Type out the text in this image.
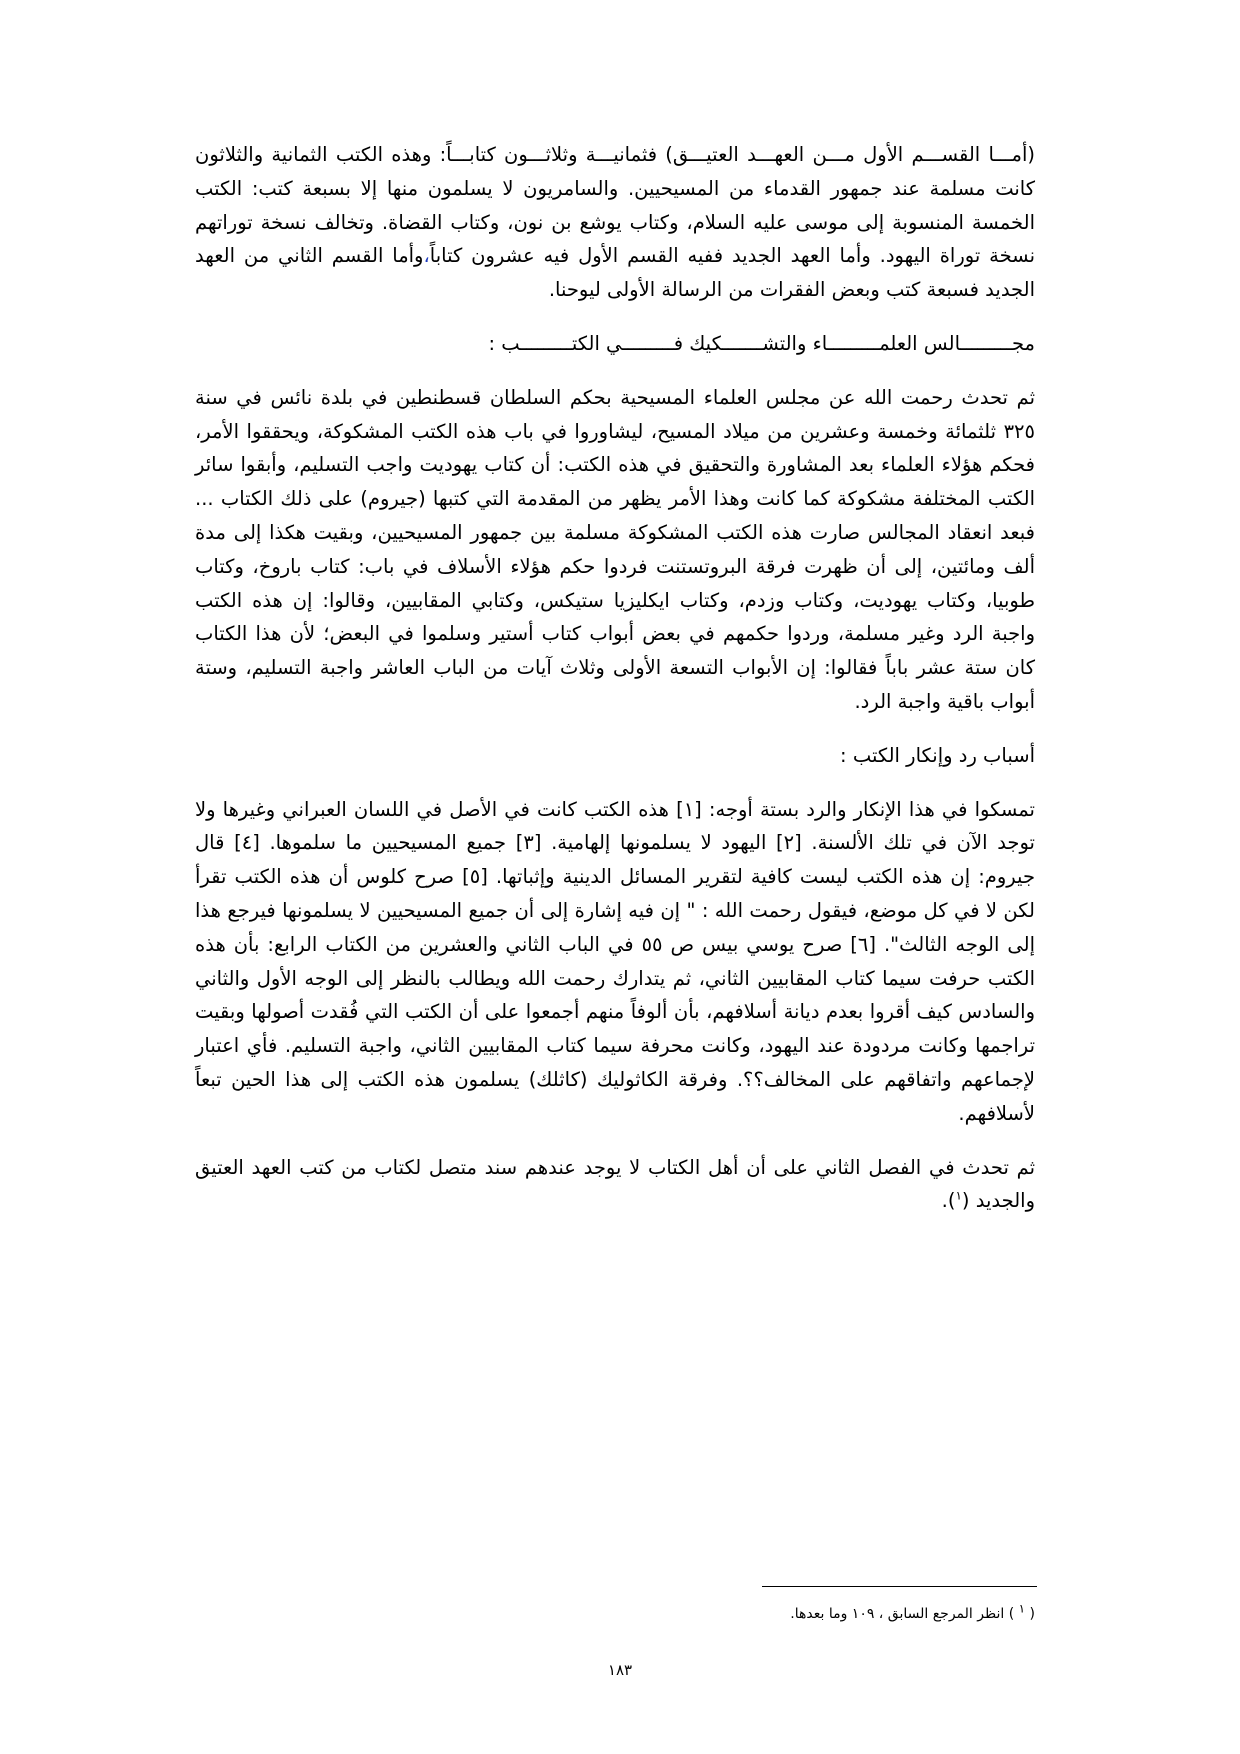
(أمـــا القســـم الأول مـــن العهـــد العتيـــق) فثمانيـــة وثلاثـــون كتابـــاً: وهذه الكتب الثمانية والثلاثون كانت مسلمة عند جمهور القدماء من المسيحيين. والسامريون لا يسلمون منها إلا بسبعة كتب: الكتب الخمسة المنسوبة إلى موسى عليه السلام، وكتاب يوشع بن نون، وكتاب القضاة. وتخالف نسخة توراتهم نسخة توراة اليهود. وأما العهد الجديد ففيه القسم الأول فيه عشرون كتاباً،وأما القسم الثاني من العهد الجديد فسبعة كتب وبعض الفقرات من الرسالة الأولى ليوحنا.

مجـــــــــالس العلمـــــــــاء والتشـــــــكيك فـــــــــي الكتـــــــــب :

ثم تحدث رحمت الله عن مجلس العلماء المسيحية بحكم السلطان قسطنطين في بلدة نائس في سنة ٣٢٥ ثلثمائة وخمسة وعشرين من ميلاد المسيح، ليشاوروا في باب هذه الكتب المشكوكة، ويحققوا الأمر، فحكم هؤلاء العلماء بعد المشاورة والتحقيق في هذه الكتب: أن كتاب يهوديت واجب التسليم، وأبقوا سائر الكتب المختلفة مشكوكة كما كانت وهذا الأمر يظهر من المقدمة التي كتبها (جيروم) على ذلك الكتاب ... فبعد انعقاد المجالس صارت هذه الكتب المشكوكة مسلمة بين جمهور المسيحيين، وبقيت هكذا إلى مدة ألف ومائتين، إلى أن ظهرت فرقة البروتستنت فردوا حكم هؤلاء الأسلاف في باب: كتاب باروخ، وكتاب طوبيا، وكتاب يهوديت، وكتاب وزدم، وكتاب ايكليزيا ستيكس، وكتابي المقابيين، وقالوا: إن هذه الكتب واجبة الرد وغير مسلمة، وردوا حكمهم في بعض أبواب كتاب أستير وسلموا في البعض؛ لأن هذا الكتاب كان ستة عشر باباً فقالوا: إن الأبواب التسعة الأولى وثلاث آيات من الباب العاشر واجبة التسليم، وستة أبواب باقية واجبة الرد.

أسباب رد وإنكار الكتب :

تمسكوا في هذا الإنكار والرد بستة أوجه: [١] هذه الكتب كانت في الأصل في اللسان العبراني وغيرها ولا توجد الآن في تلك الألسنة. [٢] اليهود لا يسلمونها إلهامية. [٣] جميع المسيحيين ما سلموها. [٤] قال جيروم: إن هذه الكتب ليست كافية لتقرير المسائل الدينية وإثباتها. [٥] صرح كلوس أن هذه الكتب تقرأ لكن لا في كل موضع، فيقول رحمت الله : " إن فيه إشارة إلى أن جميع المسيحيين لا يسلمونها فيرجع هذا إلى الوجه الثالث". [٦] صرح يوسي بيس ص ٥٥ في الباب الثاني والعشرين من الكتاب الرابع: بأن هذه الكتب حرفت سيما كتاب المقابيين الثاني، ثم يتدارك رحمت الله ويطالب بالنظر إلى الوجه الأول والثاني والسادس كيف أقروا بعدم ديانة أسلافهم، بأن ألوفاً منهم أجمعوا على أن الكتب التي فُقدت أصولها وبقيت تراجمها وكانت مردودة عند اليهود، وكانت محرفة سيما كتاب المقابيين الثاني، واجبة التسليم. فأي اعتبار لإجماعهم واتفاقهم على المخالف؟؟. وفرقة الكاثوليك (كاثلك) يسلمون هذه الكتب إلى هذا الحين تبعاً لأسلافهم.

ثم تحدث في الفصل الثاني على أن أهل الكتاب لا يوجد عندهم سند متصل لكتاب من كتب العهد العتيق والجديد ($^١$).

( ١ ) انظر المرجع السابق ، ١٠٩ وما بعدها.
١٨٣
